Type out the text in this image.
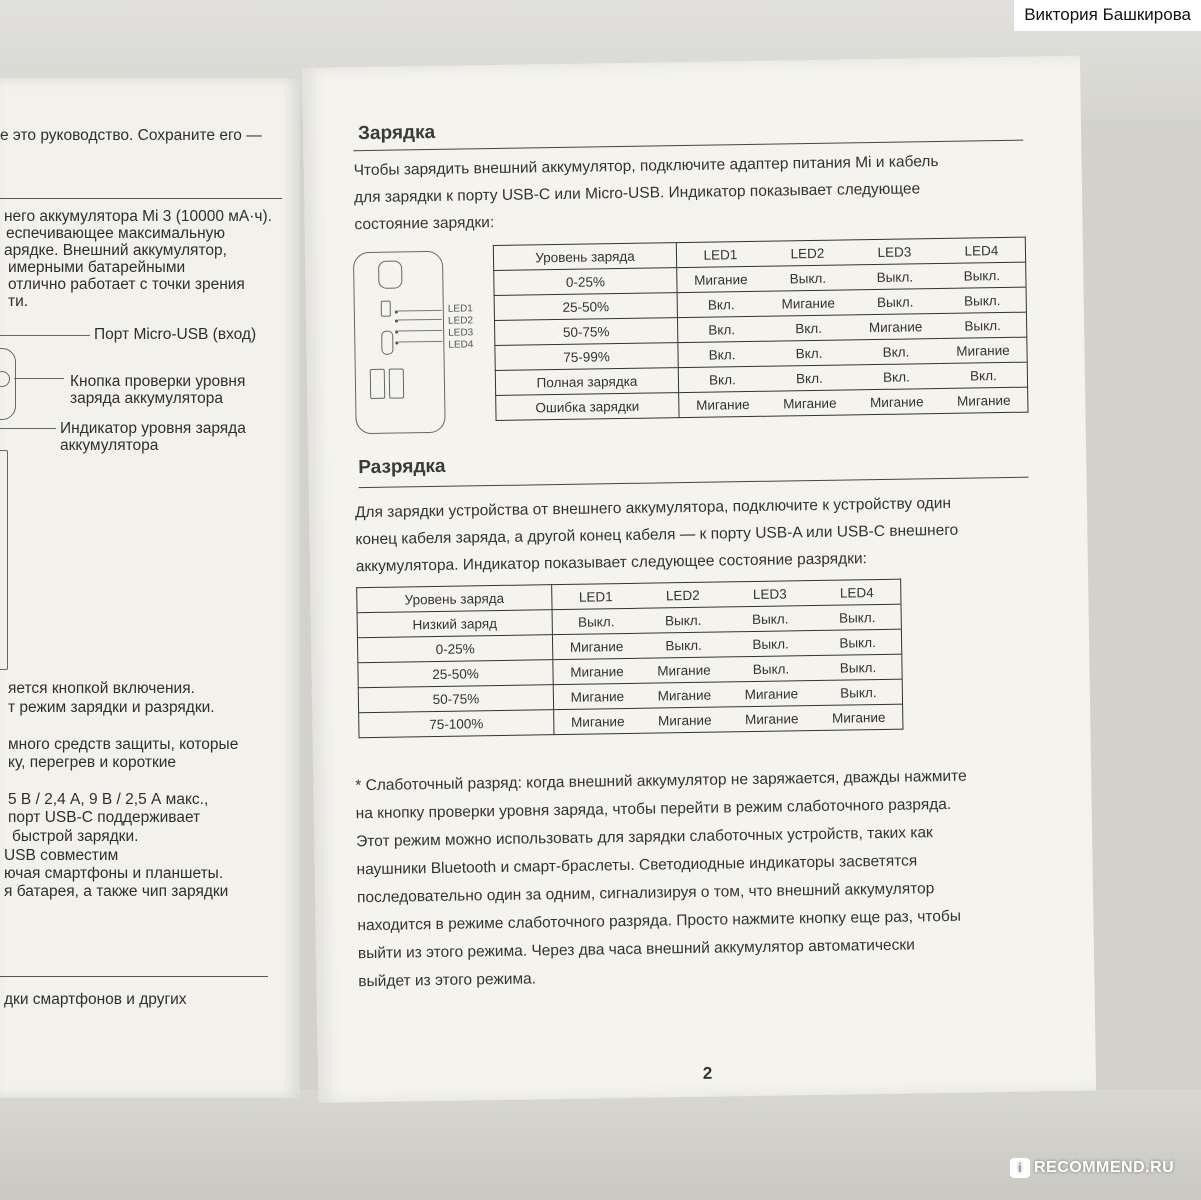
Виктория Башкирова
е это руководство. Сохраните его —
него аккумулятора Mi 3 (10000 мА·ч).
еспечивающее максимальную
арядке. Внешний аккумулятор,
имерными батарейными
отлично работает с точки зрения
ти.
Порт Micro-USB (вход)
Кнопка проверки уровня
заряда аккумулятора
Индикатор уровня заряда
аккумулятора
яется кнопкой включения.
т режим зарядки и разрядки.
много средств защиты, которые
ку, перегрев и короткие
5 В / 2,4 А, 9 В / 2,5 А макс.,
порт USB-C поддерживает
быстрой зарядки.
USB совместим
ючая смартфоны и планшеты.
я батарея, а также чип зарядки
дки смартфонов и других
Зарядка

Чтобы зарядить внешний аккумулятор, подключите адаптер питания Mi и кабель
для зарядки к порту USB-C или Micro-USB. Индикатор показывает следующее
состояние зарядки:

LED1
LED2
LED3
LED4
Уровень заряда	LED1	LED2	LED3	LED4
0-25%	Мигание	Выкл.	Выкл.	Выкл.
25-50%	Вкл.	Мигание	Выкл.	Выкл.
50-75%	Вкл.	Вкл.	Мигание	Выкл.
75-99%	Вкл.	Вкл.	Вкл.	Мигание
Полная зарядка	Вкл.	Вкл.	Вкл.	Вкл.
Ошибка зарядки	Мигание	Мигание	Мигание	Мигание
Разрядка

Для зарядки устройства от внешнего аккумулятора, подключите к устройству один
конец кабеля заряда, а другой конец кабеля — к порту USB-A или USB-C внешнего
аккумулятора. Индикатор показывает следующее состояние разрядки:

Уровень заряда	LED1	LED2	LED3	LED4
Низкий заряд	Выкл.	Выкл.	Выкл.	Выкл.
0-25%	Мигание	Выкл.	Выкл.	Выкл.
25-50%	Мигание	Мигание	Выкл.	Выкл.
50-75%	Мигание	Мигание	Мигание	Выкл.
75-100%	Мигание	Мигание	Мигание	Мигание

* Слаботочный разряд: когда внешний аккумулятор не заряжается, дважды нажмите
на кнопку проверки уровня заряда, чтобы перейти в режим слаботочного разряда.
Этот режим можно использовать для зарядки слаботочных устройств, таких как
наушники Bluetooth и смарт-браслеты. Светодиодные индикаторы засветятся
последовательно один за одним, сигнализируя о том, что внешний аккумулятор
находится в режиме слаботочного разряда. Просто нажмите кнопку еще раз, чтобы
выйти из этого режима. Через два часа внешний аккумулятор автоматически
выйдет из этого режима.

2
i RECOMMEND.RU
